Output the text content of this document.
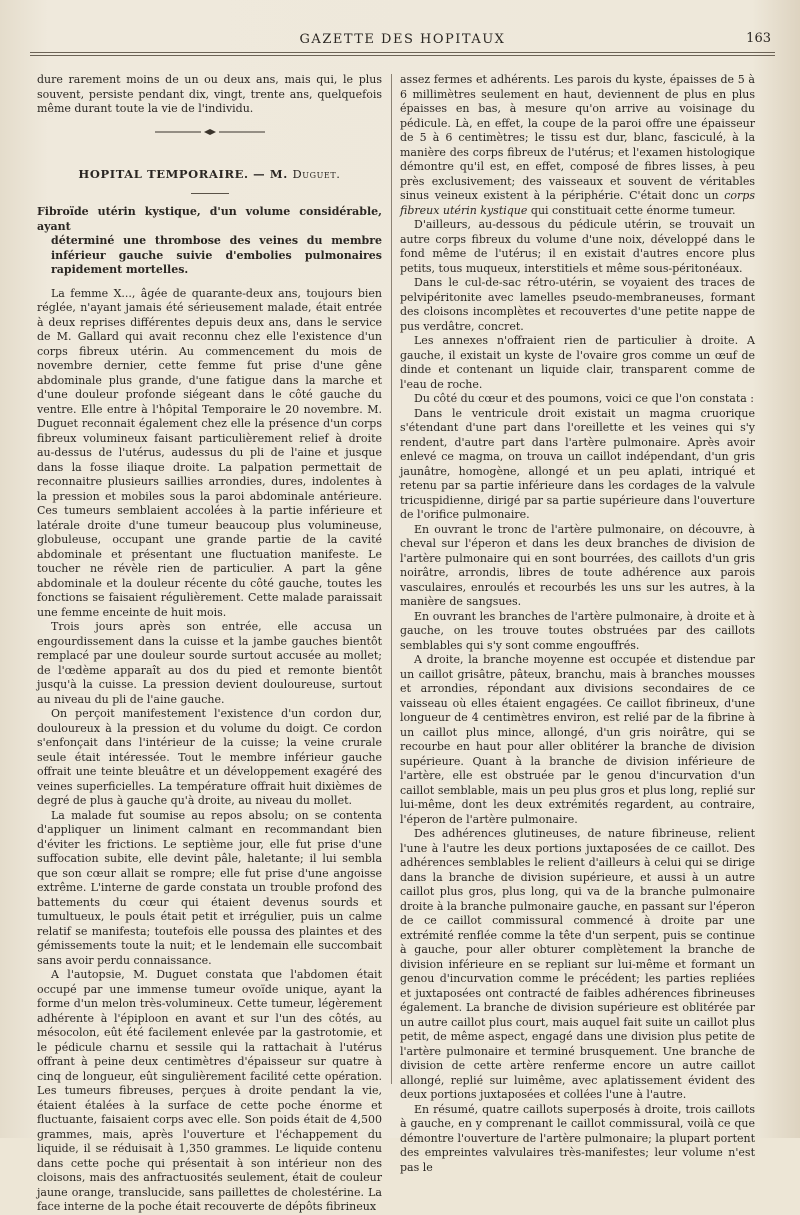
GAZETTE DES HOPITAUX	163

dure rarement moins de un ou deux ans, mais qui, le plus souvent, persiste pendant dix, vingt, trente ans, quelquefois même durant toute la vie de l'individu.

HOPITAL TEMPORAIRE. — M. Duguet.
Fibroïde utérin kystique, d'un volume considérable, ayant
déterminé une thrombose des veines du membre inférieur gauche suivie d'embolies pulmonaires rapidement mortelles.

La femme X..., âgée de quarante-deux ans, toujours bien réglée, n'ayant jamais été sérieusement malade, était entrée à deux reprises différentes depuis deux ans, dans le service de M. Gallard qui avait reconnu chez elle l'existence d'un corps fibreux utérin. Au commencement du mois de novembre dernier, cette femme fut prise d'une gêne abdominale plus grande, d'une fatigue dans la marche et d'une douleur profonde siégeant dans le côté gauche du ventre. Elle entre à l'hôpital Temporaire le 20 novembre. M. Duguet reconnait également chez elle la présence d'un corps fibreux volumineux faisant particulièrement relief à droite au-dessus de l'utérus, audessus du pli de l'aine et jusque dans la fosse iliaque droite. La palpation permettait de reconnaitre plusieurs saillies arrondies, dures, indolentes à la pression et mobiles sous la paroi abdominale antérieure. Ces tumeurs semblaient accolées à la partie inférieure et latérale droite d'une tumeur beaucoup plus volumineuse, globuleuse, occupant une grande partie de la cavité abdominale et présentant une fluctuation manifeste. Le toucher ne révèle rien de particulier. A part la gêne abdominale et la douleur récente du côté gauche, toutes les fonctions se faisaient régulièrement. Cette malade paraissait une femme enceinte de huit mois.

Trois jours après son entrée, elle accusa un engourdissement dans la cuisse et la jambe gauches bientôt remplacé par une douleur sourde surtout accusée au mollet; de l'œdème apparaît au dos du pied et remonte bientôt jusqu'à la cuisse. La pression devient douloureuse, surtout au niveau du pli de l'aine gauche.

On perçoit manifestement l'existence d'un cordon dur, douloureux à la pression et du volume du doigt. Ce cordon s'enfonçait dans l'intérieur de la cuisse; la veine crurale seule était intéressée. Tout le membre inférieur gauche offrait une teinte bleuâtre et un développement exagéré des veines superficielles. La température offrait huit dixièmes de degré de plus à gauche qu'à droite, au niveau du mollet.

La malade fut soumise au repos absolu; on se contenta d'appliquer un liniment calmant en recommandant bien d'éviter les frictions. Le septième jour, elle fut prise d'une suffocation subite, elle devint pâle, haletante; il lui sembla que son cœur allait se rompre; elle fut prise d'une angoisse extrême. L'interne de garde constata un trouble profond des battements du cœur qui étaient devenus sourds et tumultueux, le pouls était petit et irrégulier, puis un calme relatif se manifesta; toutefois elle poussa des plaintes et des gémissements toute la nuit; et le lendemain elle succombait sans avoir perdu connaissance.

A l'autopsie, M. Duguet constata que l'abdomen était occupé par une immense tumeur ovoïde unique, ayant la forme d'un melon très-volumineux. Cette tumeur, légèrement adhérente à l'épiploon en avant et sur l'un des côtés, au mésocolon, eût été facilement enlevée par la gastrotomie, et le pédicule charnu et sessile qui la rattachait à l'utérus offrant à peine deux centimètres d'épaisseur sur quatre à cinq de longueur, eût singulièrement facilité cette opération. Les tumeurs fibreuses, perçues à droite pendant la vie, étaient étalées à la surface de cette poche énorme et fluctuante, faisaient corps avec elle. Son poids était de 4,500 grammes, mais, après l'ouverture et l'échappement du liquide, il se réduisait à 1,350 grammes. Le liquide contenu dans cette poche qui présentait à son intérieur non des cloisons, mais des anfractuosités seulement, était de couleur jaune orange, translucide, sans paillettes de cholestérine. La face interne de la poche était recouverte de dépôts fibrineux

assez fermes et adhérents. Les parois du kyste, épaisses de 5 à 6 millimètres seulement en haut, deviennent de plus en plus épaisses en bas, à mesure qu'on arrive au voisinage du pédicule. Là, en effet, la coupe de la paroi offre une épaisseur de 5 à 6 centimètres; le tissu est dur, blanc, fasciculé, à la manière des corps fibreux de l'utérus; et l'examen histologique démontre qu'il est, en effet, composé de fibres lisses, à peu près exclusivement; des vaisseaux et souvent de véritables sinus veineux existent à la périphérie. C'était donc un corps fibreux utérin kystique qui constituait cette énorme tumeur.

D'ailleurs, au-dessous du pédicule utérin, se trouvait un autre corps fibreux du volume d'une noix, développé dans le fond même de l'utérus; il en existait d'autres encore plus petits, tous muqueux, interstitiels et même sous-péritonéaux.

Dans le cul-de-sac rétro-utérin, se voyaient des traces de pelvipéritonite avec lamelles pseudo-membraneuses, formant des cloisons incomplètes et recouvertes d'une petite nappe de pus verdâtre, concret.

Les annexes n'offraient rien de particulier à droite. A gauche, il existait un kyste de l'ovaire gros comme un œuf de dinde et contenant un liquide clair, transparent comme de l'eau de roche.

Du côté du cœur et des poumons, voici ce que l'on constata :

Dans le ventricule droit existait un magma cruorique s'étendant d'une part dans l'oreillette et les veines qui s'y rendent, d'autre part dans l'artère pulmonaire. Après avoir enlevé ce magma, on trouva un caillot indépendant, d'un gris jaunâtre, homogène, allongé et un peu aplati, intriqué et retenu par sa partie inférieure dans les cordages de la valvule tricuspidienne, dirigé par sa partie supérieure dans l'ouverture de l'orifice pulmonaire.

En ouvrant le tronc de l'artère pulmonaire, on découvre, à cheval sur l'éperon et dans les deux branches de division de l'artère pulmonaire qui en sont bourrées, des caillots d'un gris noirâtre, arrondis, libres de toute adhérence aux parois vasculaires, enroulés et recourbés les uns sur les autres, à la manière de sangsues.

En ouvrant les branches de l'artère pulmonaire, à droite et à gauche, on les trouve toutes obstruées par des caillots semblables qui s'y sont comme engouffrés.

A droite, la branche moyenne est occupée et distendue par un caillot grisâtre, pâteux, branchu, mais à branches mousses et arrondies, répondant aux divisions secondaires de ce vaisseau où elles étaient engagées. Ce caillot fibrineux, d'une longueur de 4 centimètres environ, est relié par de la fibrine à un caillot plus mince, allongé, d'un gris noirâtre, qui se recourbe en haut pour aller oblitérer la branche de division supérieure. Quant à la branche de division inférieure de l'artère, elle est obstruée par le genou d'incurvation d'un caillot semblable, mais un peu plus gros et plus long, replié sur lui-même, dont les deux extrémités regardent, au contraire, l'éperon de l'artère pulmonaire.

Des adhérences glutineuses, de nature fibrineuse, relient l'une à l'autre les deux portions juxtaposées de ce caillot. Des adhérences semblables le relient d'ailleurs à celui qui se dirige dans la branche de division supérieure, et aussi à un autre caillot plus gros, plus long, qui va de la branche pulmonaire droite à la branche pulmonaire gauche, en passant sur l'éperon de ce caillot commissural commencé à droite par une extrémité renflée comme la tête d'un serpent, puis se continue à gauche, pour aller obturer complètement la branche de division inférieure en se repliant sur lui-même et formant un genou d'incurvation comme le précédent; les parties repliées et juxtaposées ont contracté de faibles adhérences fibrineuses également. La branche de division supérieure est oblitérée par un autre caillot plus court, mais auquel fait suite un caillot plus petit, de même aspect, engagé dans une division plus petite de l'artère pulmonaire et terminé brusquement. Une branche de division de cette artère renferme encore un autre caillot allongé, replié sur luimême, avec aplatissement évident des deux portions juxtaposées et collées l'une à l'autre.

En résumé, quatre caillots superposés à droite, trois caillots à gauche, en y comprenant le caillot commissural, voilà ce que démontre l'ouverture de l'artère pulmonaire; la plupart portent des empreintes valvulaires très-manifestes; leur volume n'est pas le
